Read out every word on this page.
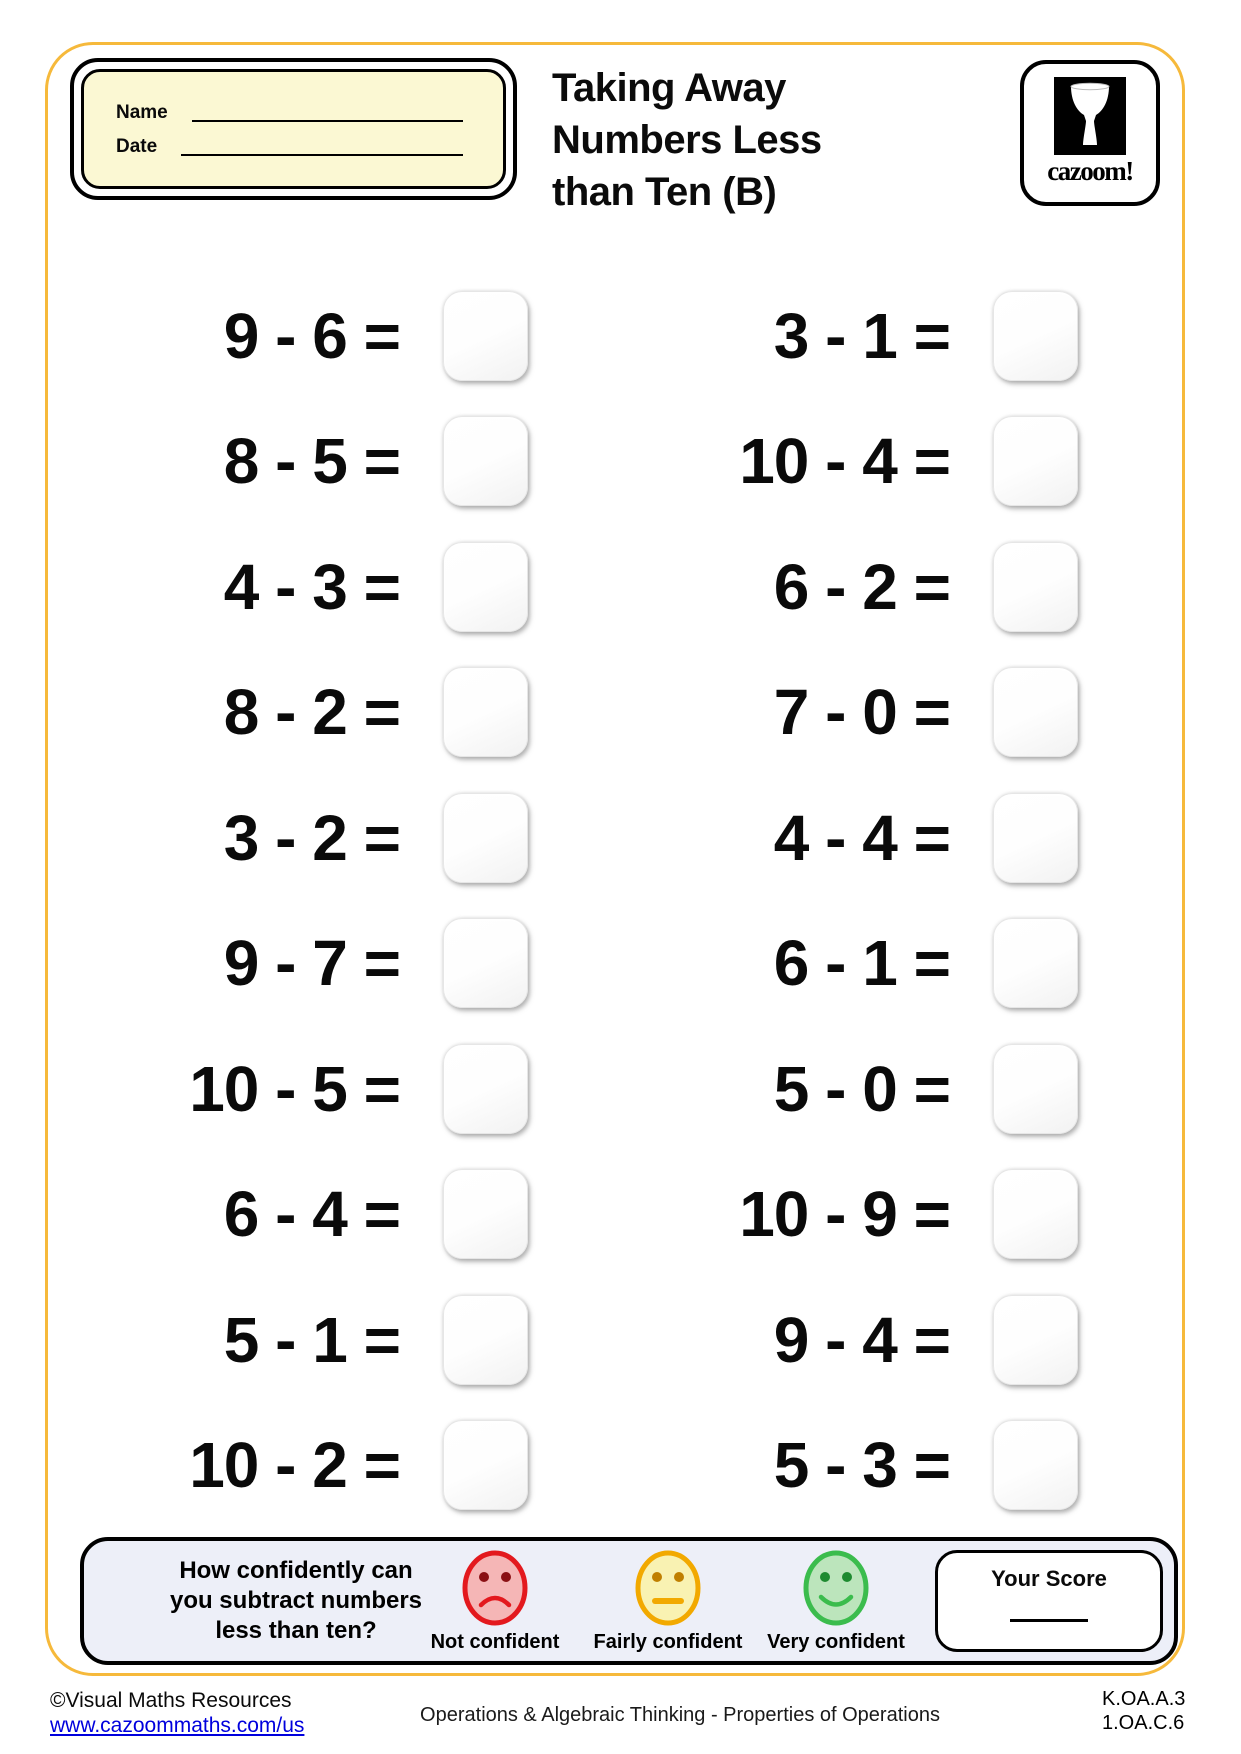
Name
Date
Taking Away
Numbers Less
than Ten (B)	cazoom!
9 - 6 =
8 - 5 =
4 - 3 =
8 - 2 =
3 - 2 =
9 - 7 =
10 - 5 =
6 - 4 =
5 - 1 =
10 - 2 =
3 - 1 =
10 - 4 =
6 - 2 =
7 - 0 =
4 - 4 =
6 - 1 =
5 - 0 =
10 - 9 =
9 - 4 =
5 - 3 =
How confidently can
you subtract numbers
less than ten?	Not confident Fairly confident Very confident
Your Score
©Visual Maths Resources
www.cazoommaths.com/us	Operations & Algebraic Thinking - Properties of Operations
K.OA.A.3
1.OA.C.6
